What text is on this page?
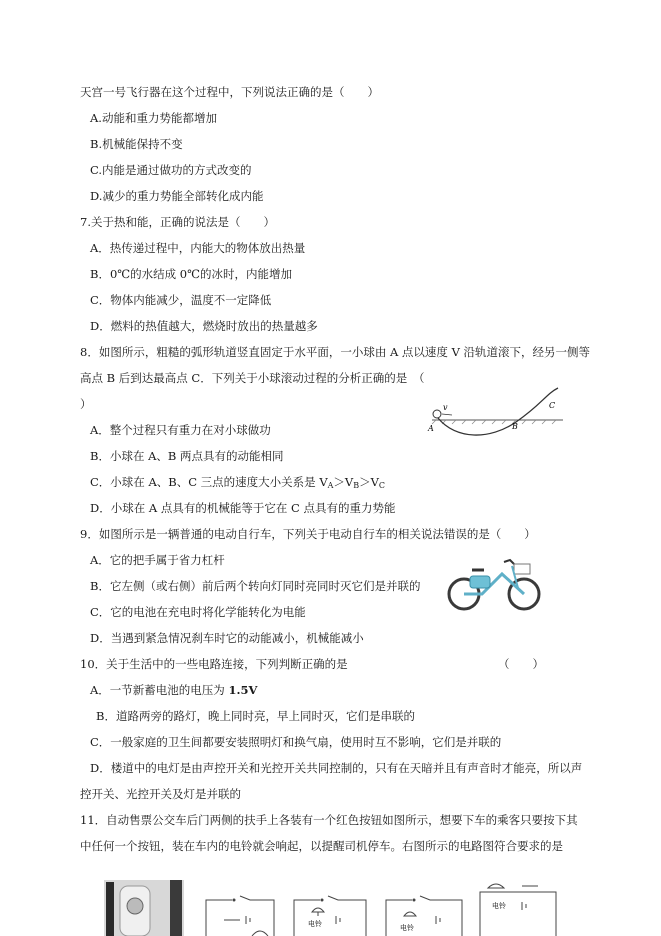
天宫一号飞行器在这个过程中，下列说法正确的是（　　）
A.动能和重力势能都增加
B.机械能保持不变
C.内能是通过做功的方式改变的
D.减少的重力势能全部转化成内能
7.关于热和能，正确的说法是（　　）
A．热传递过程中，内能大的物体放出热量
B．0℃的水结成 0℃的冰时，内能增加
C．物体内能减少，温度不一定降低
D．燃料的热值越大，燃烧时放出的热量越多
8．如图所示，粗糙的弧形轨道竖直固定于水平面，一小球由 A 点以速度 V 沿轨道滚下，经另一侧等
高点 B 后到达最高点 C．下列关于小球滚动过程的分析正确的是　（
）
A．整个过程只有重力在对小球做功
B．小球在 A、B 两点具有的动能相同
C．小球在 A、B、C 三点的速度大小关系是 $V_A>V_B>V_C$
D．小球在 A 点具有的机械能等于它在 C 点具有的重力势能
v
A	B
C
9．如图所示是一辆普通的电动自行车，下列关于电动自行车的相关说法错误的是（　　）
A．它的把手属于省力杠杆
B．它左侧（或右侧）前后两个转向灯同时亮同时灭它们是并联的
C．它的电池在充电时将化学能转化为电能
D．当遇到紧急情况刹车时它的动能减小，机械能减小
10．关于生活中的一些电路连接，下列判断正确的是	（　　）
A．一节新蓄电池的电压为 1.5V
B．道路两旁的路灯，晚上同时亮，早上同时灭，它们是串联的
C．一般家庭的卫生间都要安装照明灯和换气扇，使用时互不影响，它们是并联的
D．楼道中的电灯是由声控开关和光控开关共同控制的，只有在天暗并且有声音时才能亮，所以声
控开关、光控开关及灯是并联的
11．自动售票公交车后门两侧的扶手上各装有一个红色按钮如图所示，想要下车的乘客只要按下其
中任何一个按钮，装在车内的电铃就会响起，以提醒司机停车。右图所示的电路图符合要求的是
电铃	电铃
电铃
